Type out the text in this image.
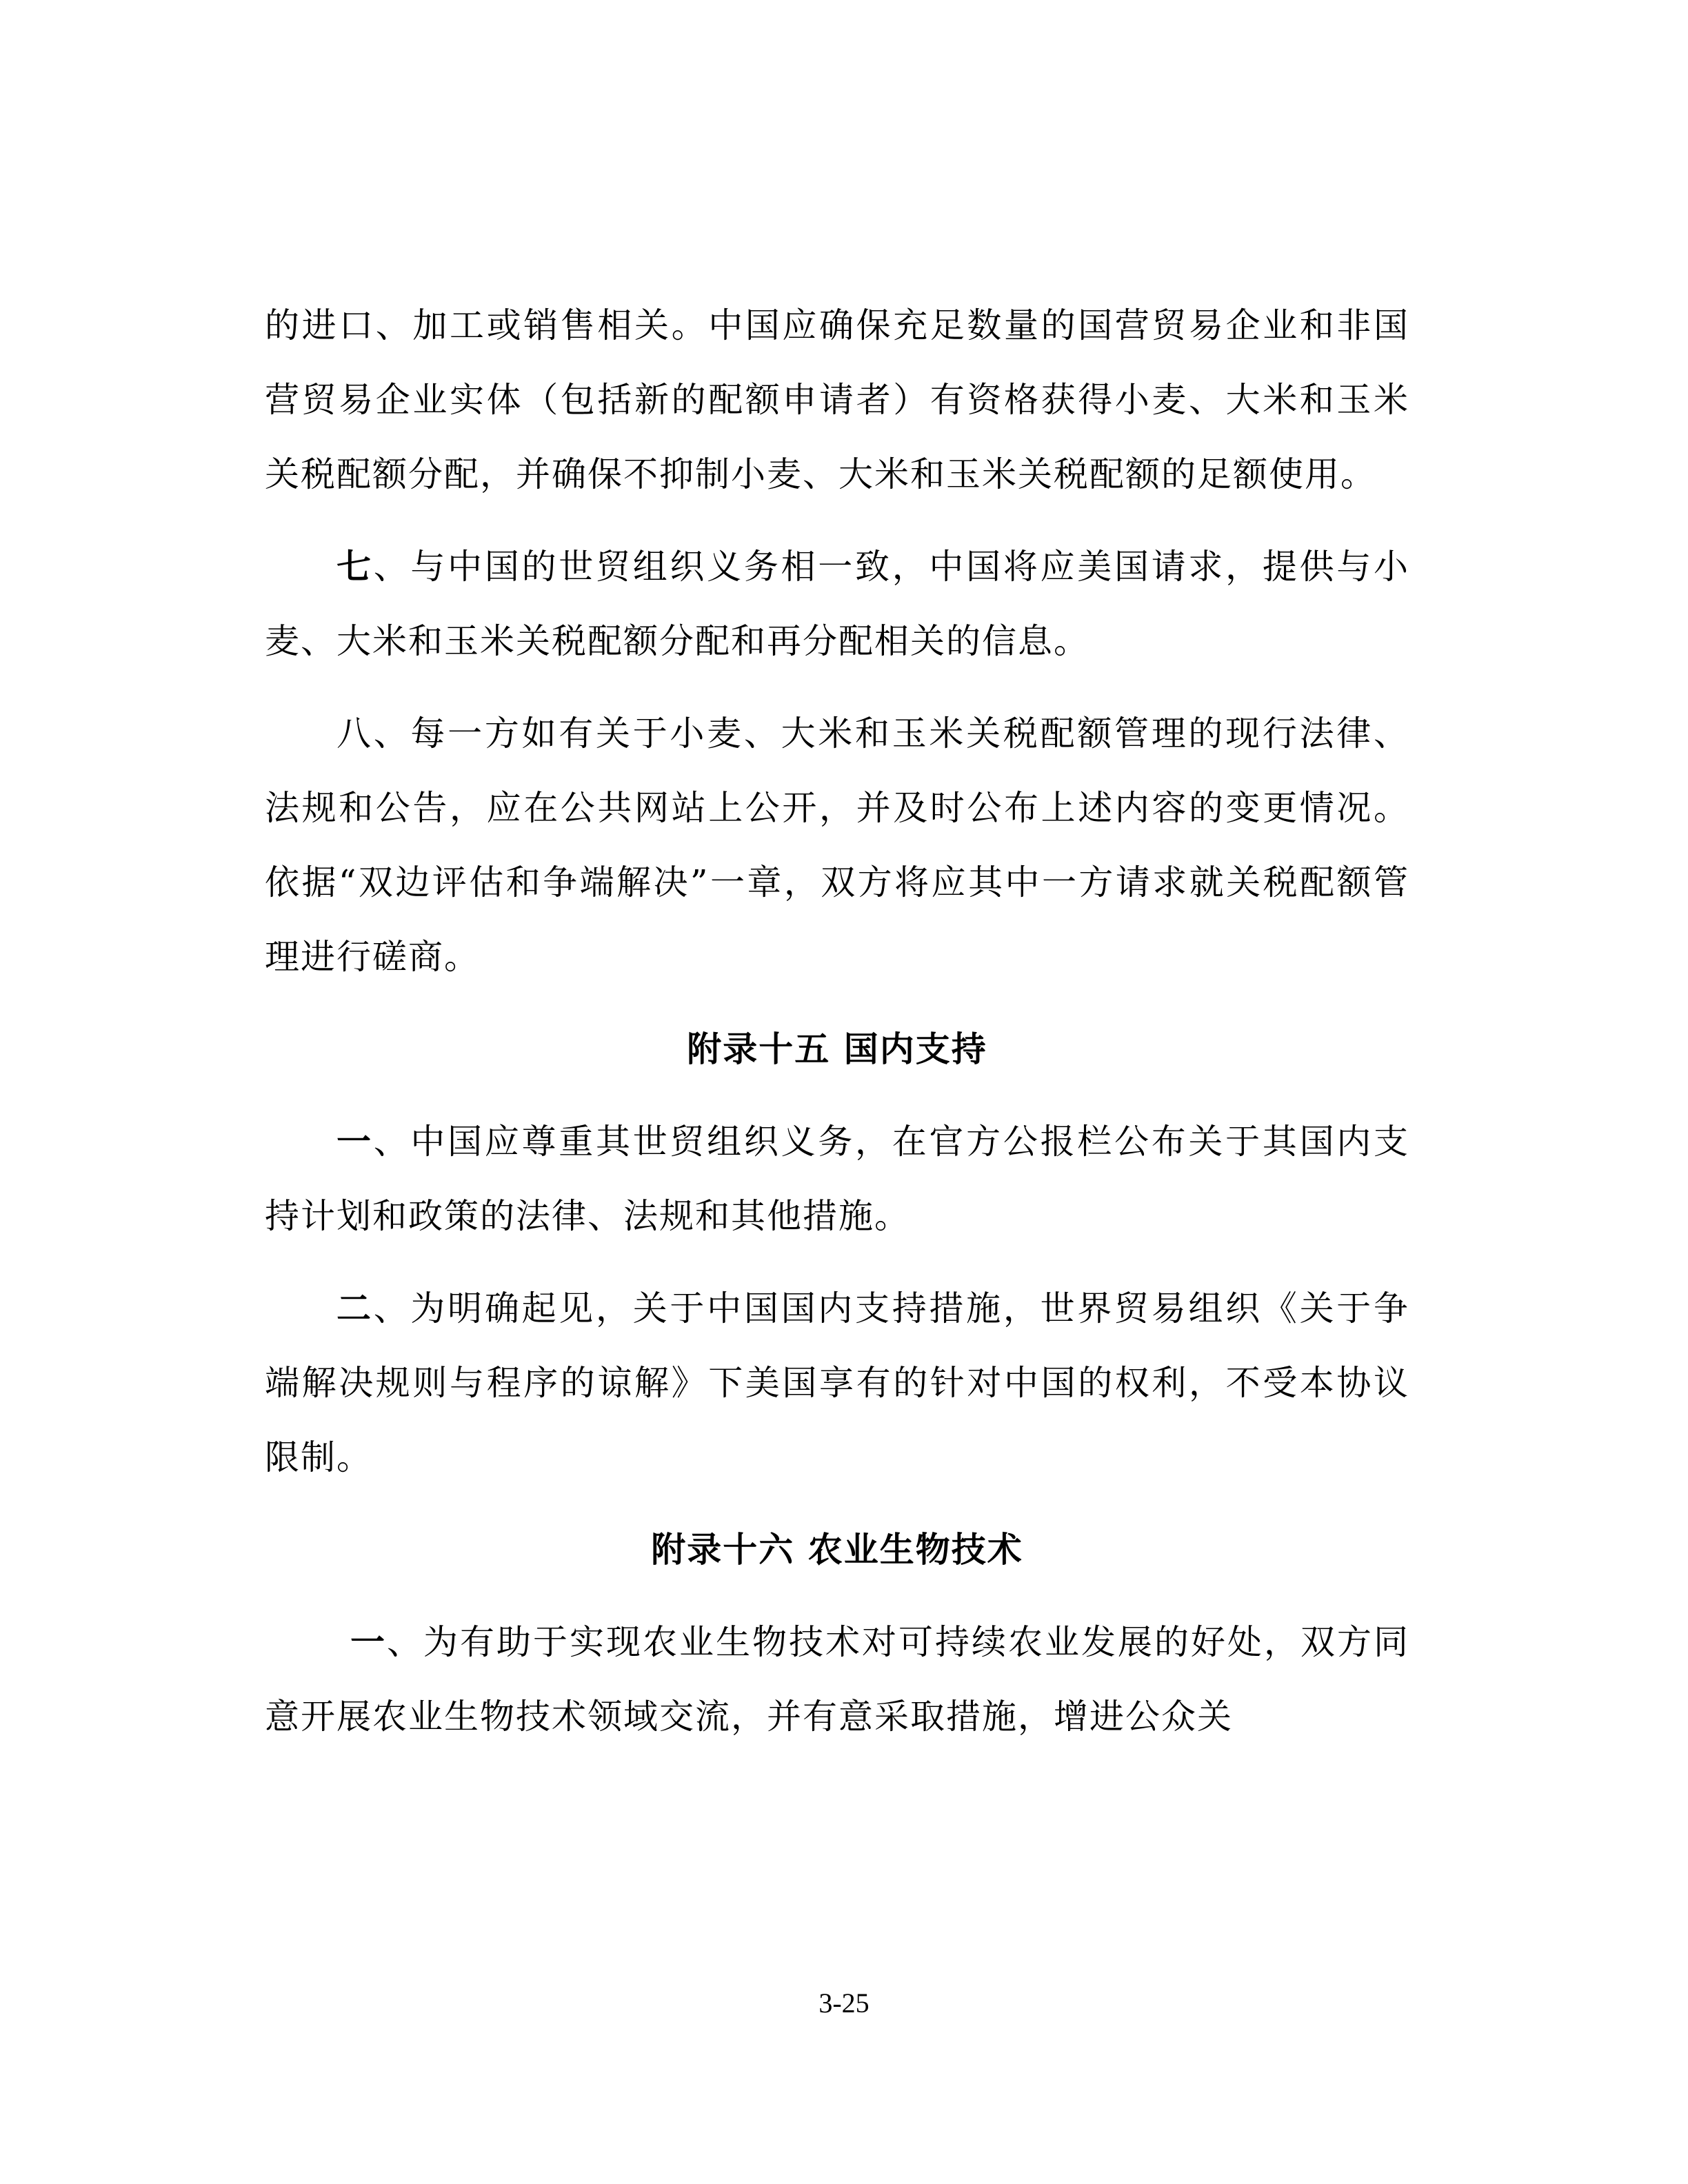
的进口、加工或销售相关。中国应确保充足数量的国营贸易企业和非国营贸易企业实体（包括新的配额申请者）有资格获得小麦、大米和玉米关税配额分配，并确保不抑制小麦、大米和玉米关税配额的足额使用。

七、与中国的世贸组织义务相一致，中国将应美国请求，提供与小麦、大米和玉米关税配额分配和再分配相关的信息。

八、每一方如有关于小麦、大米和玉米关税配额管理的现行法律、法规和公告，应在公共网站上公开，并及时公布上述内容的变更情况。依据“双边评估和争端解决”一章，双方将应其中一方请求就关税配额管理进行磋商。

附录十五 国内支持

一、中国应尊重其世贸组织义务，在官方公报栏公布关于其国内支持计划和政策的法律、法规和其他措施。

二、为明确起见，关于中国国内支持措施，世界贸易组织《关于争端解决规则与程序的谅解》下美国享有的针对中国的权利，不受本协议限制。

附录十六 农业生物技术

一、为有助于实现农业生物技术对可持续农业发展的好处，双方同意开展农业生物技术领域交流，并有意采取措施，增进公众关

3-25
